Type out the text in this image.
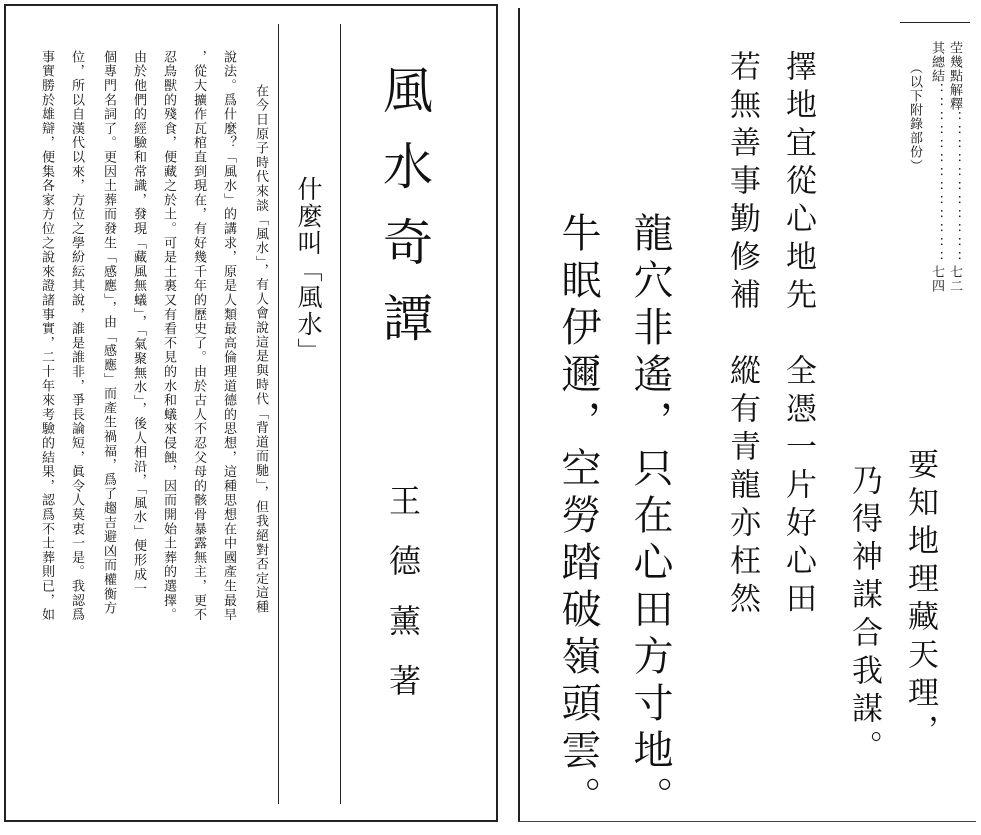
風水奇譚
什麼叫「風水」
王德薰著
在今日原子時代來談「風水」，有人會說這是與時代「背道而馳」，但我絕對否定這種
說法。爲什麼？「風水」的講求，原是人類最高倫理道德的思想，這種思想在中國產生最早
，從大擴作瓦棺直到現在，有好幾千年的歷史了。由於古人不忍父母的骸骨暴露無主，更不
忍鳥獸的殘食，便藏之於土。可是土裏又有看不見的水和蟻來侵蝕，因而開始土葬的選擇。
由於他們的經驗和常識，發現「藏風無蟻」，「氣聚無水」，後人相沿，「風水」便形成一
個專門名詞了。更因土葬而發生「感應」，由「感應」而產生禍福，爲了趨吉避凶而權衡方
位，所以自漢代以來，方位之學紛紜其說，誰是誰非，爭長論短，眞令人莫衷一是。我認爲
事實勝於雄辯，便集各家方位之說來證諸事實，二十年來考驗的結果，認爲不士葬則已，如	茔幾點解釋：：：：：：：：：：：七二
其總結：：：：：：：：：：：：：七四
（以下附錄部份）
擇地宜從心地先　全憑一片好心田
若無善事勤修補　縱有青龍亦枉然
龍穴非遙，只在心田方寸地。
牛眠伊邇，空勞踏破嶺頭雲。	要知地理藏天理，
乃得神謀合我謀。
